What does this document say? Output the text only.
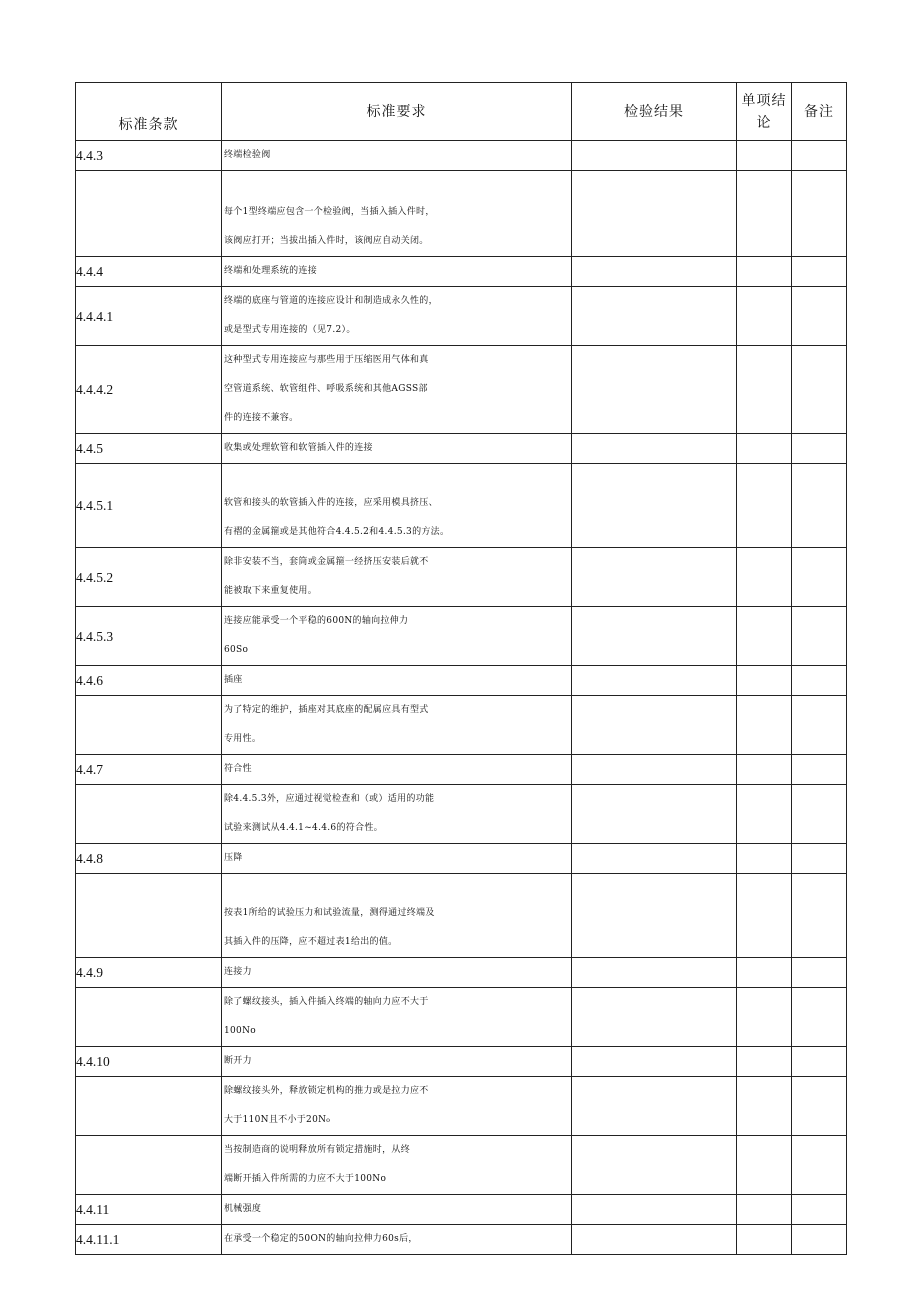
标准条款	标准要求	检验结果	单项结论	备注
4.4.3	终端检验阀			

	每个1型终端应包含一个检验阀，当插入插入件时，
该阀应打开；当拔出插入件时，该阀应自动关闭。			

4.4.4	终端和处理系统的连接			

4.4.4.1	终端的底座与管道的连接应设计和制造成永久性的，
或是型式专用连接的（见7.2）。			

4.4.4.2	这种型式专用连接应与那些用于压缩医用气体和真
空管道系统、软管组件、呼吸系统和其他AGSS部
件的连接不兼容。			

4.4.5	收集或处理软管和软管插入件的连接			

4.4.5.1	软管和接头的软管插入件的连接，应采用模具挤压、
有褶的金属箍或是其他符合4.4.5.2和4.4.5.3的方法。			

4.4.5.2	除非安装不当，套筒或金属箍一经挤压安装后就不
能被取下来重复使用。			

4.4.5.3	连接应能承受一个平稳的600N的轴向拉伸力
60So			

4.4.6	插座			

	为了特定的维护，插座对其底座的配属应具有型式
专用性。			

4.4.7	符合性			

	除4.4.5.3外，应通过视觉检查和（或）适用的功能
试验来测试从4.4.1~4.4.6的符合性。			

4.4.8	压降			

	按表1所给的试验压力和试验流量，测得通过终端及
其插入件的压降，应不超过表1给出的值。			

4.4.9	连接力			

	除了螺纹接头，插入件插入终端的轴向力应不大于
100No			

4.4.10	断开力			

	除螺纹接头外，释放锁定机构的推力或是拉力应不
大于110N且不小于20N₀			

	当按制造商的说明释放所有锁定措施时，从终
端断开插入件所需的力应不大于100No			

4.4.11	机械强度			

4.4.11.1	在承受一个稳定的50ON的轴向拉伸力60s后，			
